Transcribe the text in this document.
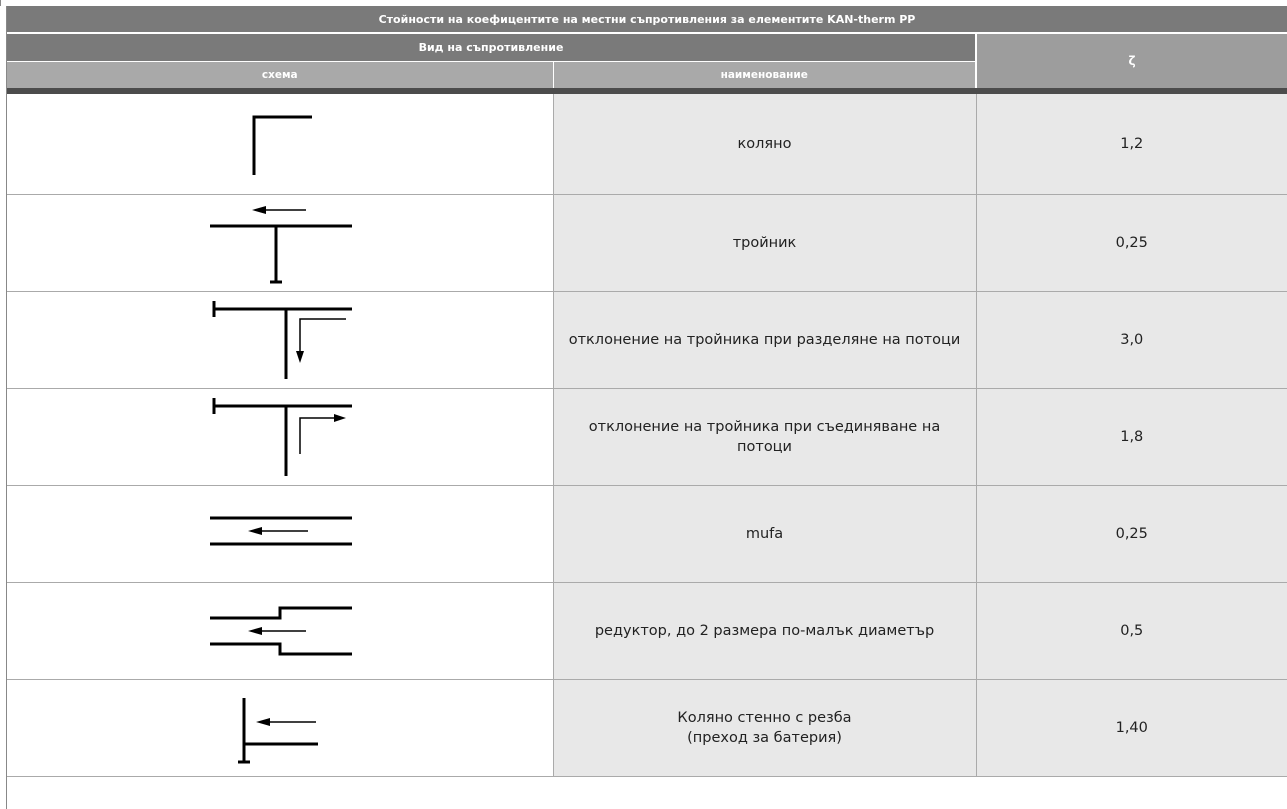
Стойности на коефицентите на местни съпротивления за елементите KAN-therm PP		
Вид на съпротивление		ζ
схема	наименование	

	коляно	1,2

	тройник	0,25

	отклонение на тройника при разделяне на потоци	3,0

	отклонение на тройника при съединяване на потоци	1,8

	mufa	0,25

	редуктор, до 2 размера по-малък диаметър	0,5

	Коляно стенно с резба
(преход за батерия)	1,40
